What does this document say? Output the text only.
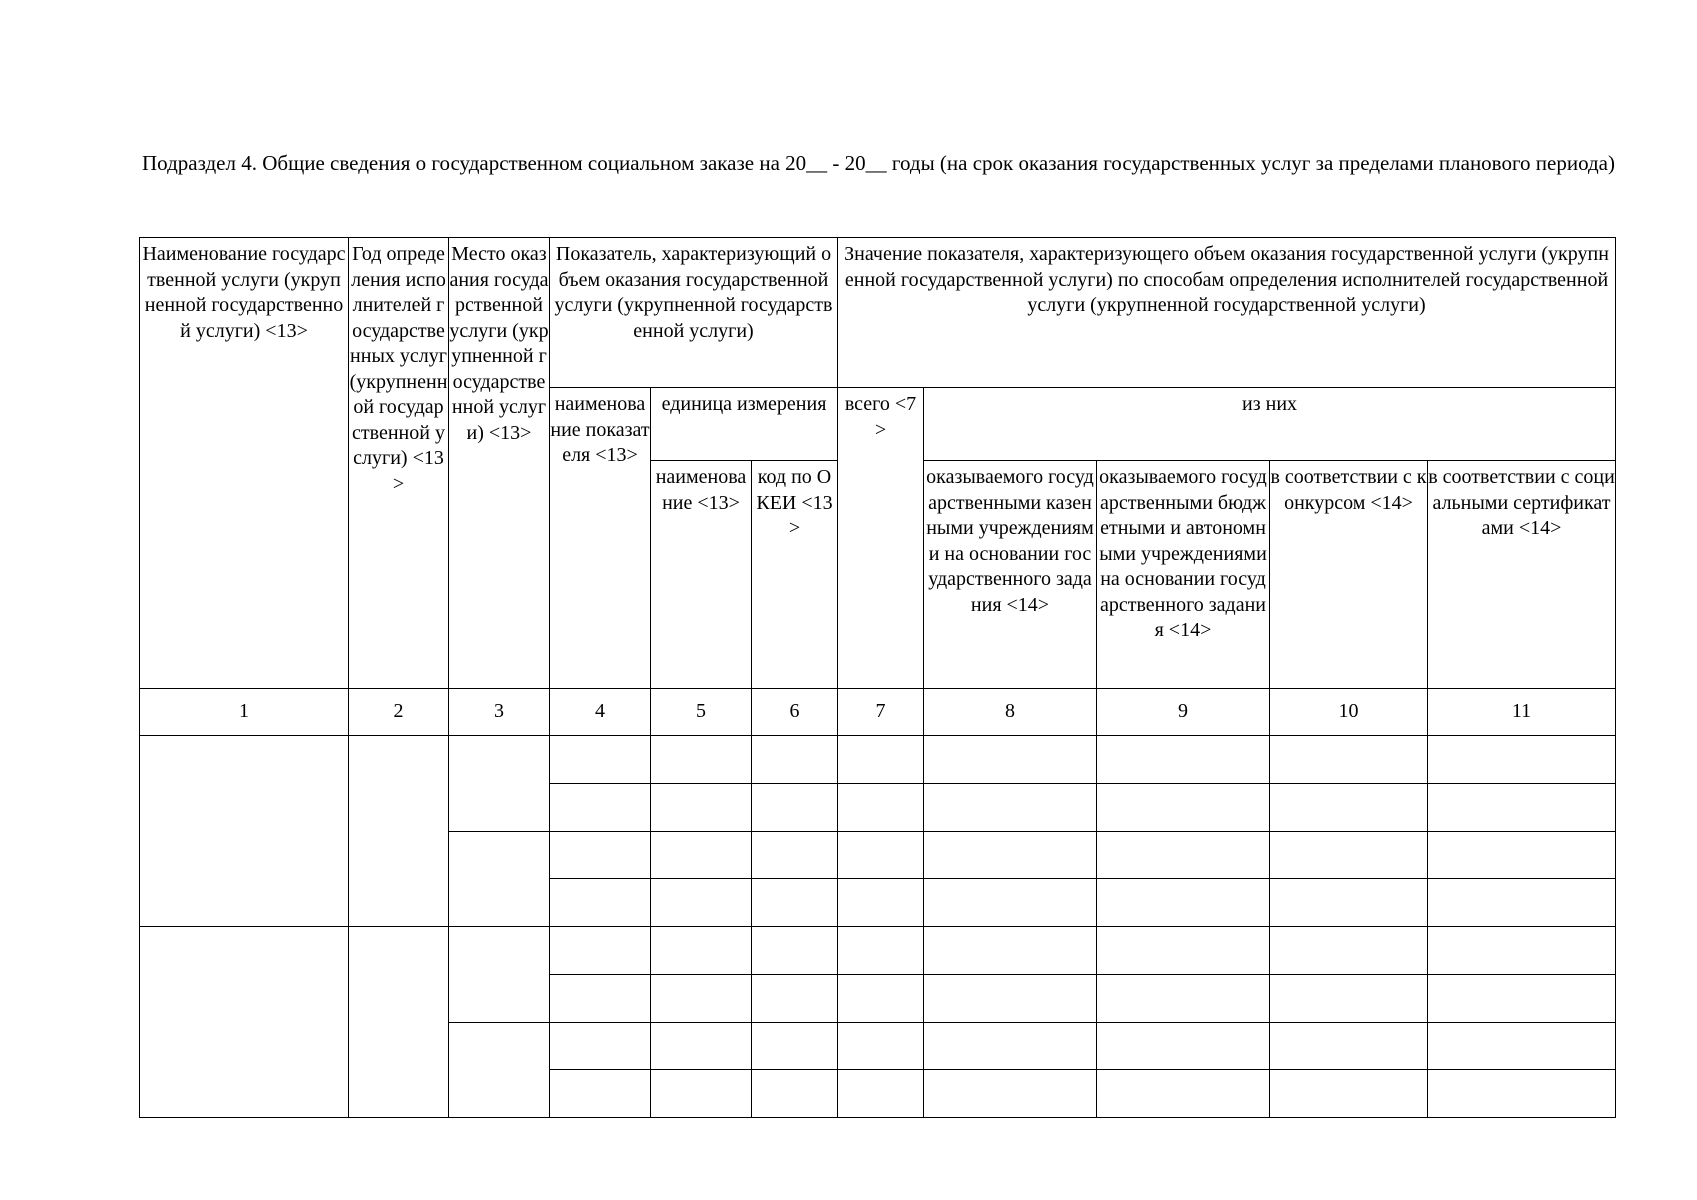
Подраздел 4. Общие сведения о государственном социальном заказе на 20__ - 20__ годы (на срок оказания государственных услуг за пределами планового периода)
Наименование государственной услуги (укрупненной государственной услуги) <13>	Год определения исполнителей государственных услуг (укрупненной государственной услуги) <13>	Место оказания государственной услуги (укрупненной государственной услуги) <13>	Показатель, характеризующий объем оказания государственной услуги (укрупненной государственной услуги)			Значение показателя, характеризующего объем оказания государственной услуги (укрупненной государственной услуги) по способам определения исполнителей государственной услуги (укрупненной государственной услуги)				
			наименование показателя <13>	единица измерения		всего <7>	из них			
				наименование <13>	код по ОКЕИ <13>		оказываемого государственными казенными учреждениями на основании государственного задания <14>	оказываемого государственными бюджетными и автономными учреждениями на основании государственного задания <14>	в соответствии с конкурсом <14>	в соответствии с социальными сертификатами <14>
1	2	3	4	5	6	7	8	9	10	11
